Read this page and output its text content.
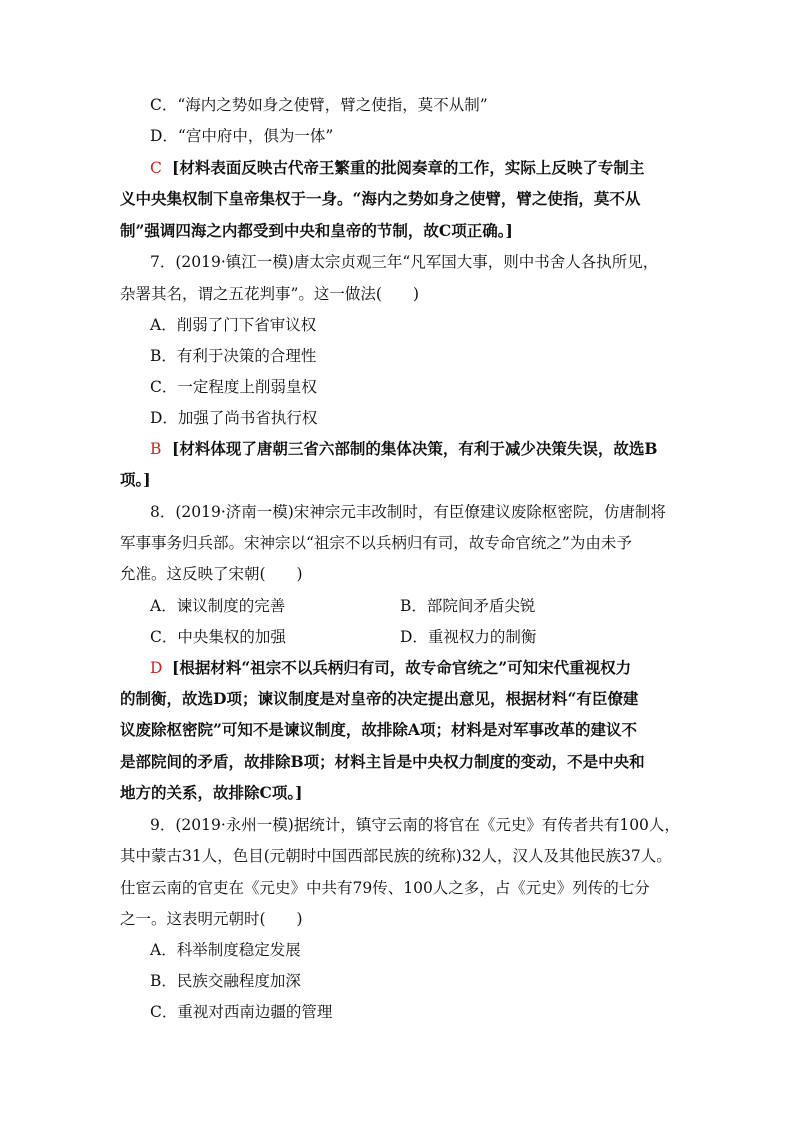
C．“海内之势如身之使臂，臂之使指，莫不从制”
D．“宫中府中，俱为一体”
C [材料表面反映古代帝王繁重的批阅奏章的工作，实际上反映了专制主
义中央集权制下皇帝集权于一身。“海内之势如身之使臂，臂之使指，莫不从
制”强调四海之内都受到中央和皇帝的节制，故C项正确。]
7．(2019·镇江一模)唐太宗贞观三年“凡军国大事，则中书舍人各执所见，
杂署其名，谓之五花判事”。这一做法(　　)
A．削弱了门下省审议权
B．有利于决策的合理性
C．一定程度上削弱皇权
D．加强了尚书省执行权
B [材料体现了唐朝三省六部制的集体决策，有利于减少决策失误，故选B
项。]
8．(2019·济南一模)宋神宗元丰改制时，有臣僚建议废除枢密院，仿唐制将
军事事务归兵部。宋神宗以“祖宗不以兵柄归有司，故专命官统之”为由未予
允准。这反映了宋朝(　　)
A．谏议制度的完善	B．部院间矛盾尖锐
C．中央集权的加强	D．重视权力的制衡
D [根据材料“祖宗不以兵柄归有司，故专命官统之”可知宋代重视权力
的制衡，故选D项；谏议制度是对皇帝的决定提出意见，根据材料“有臣僚建
议废除枢密院”可知不是谏议制度，故排除A项；材料是对军事改革的建议不
是部院间的矛盾，故排除B项；材料主旨是中央权力制度的变动，不是中央和
地方的关系，故排除C项。]
9．(2019·永州一模)据统计，镇守云南的将官在《元史》有传者共有100人，
其中蒙古31人，色目(元朝时中国西部民族的统称)32人，汉人及其他民族37人。
仕宦云南的官吏在《元史》中共有79传、100人之多，占《元史》列传的七分
之一。这表明元朝时(　　)
A．科举制度稳定发展
B．民族交融程度加深
C．重视对西南边疆的管理
